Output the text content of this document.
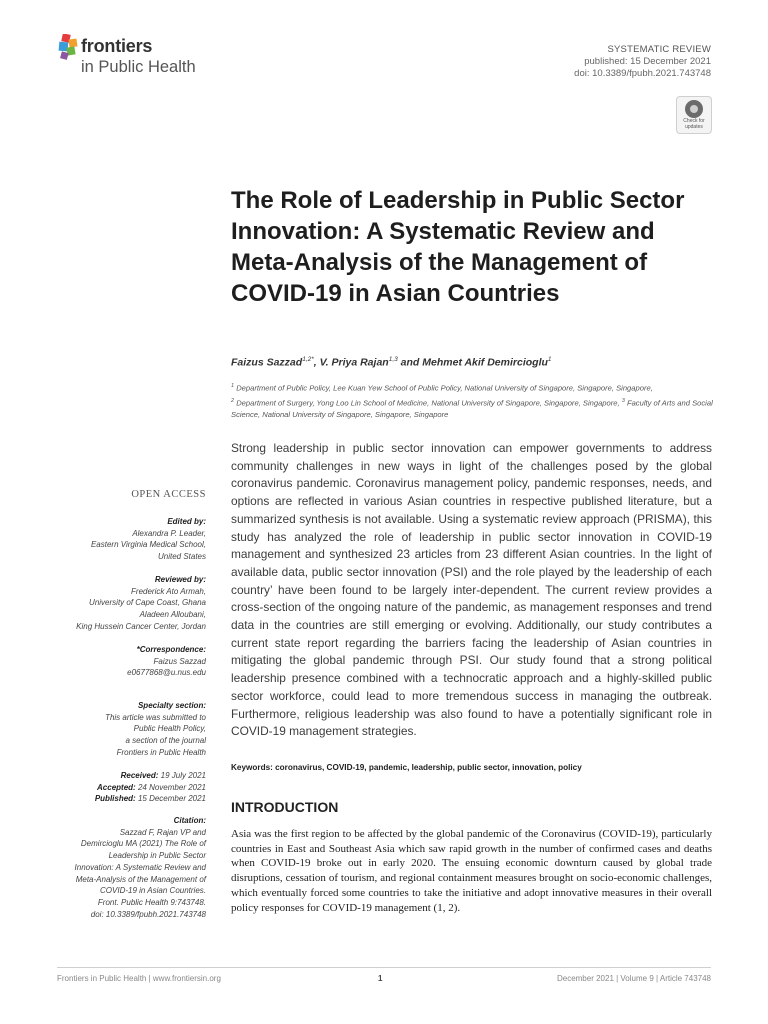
frontiers
in Public Health
SYSTEMATIC REVIEW
published: 15 December 2021
doi: 10.3389/fpubh.2021.743748
Check for
updates
The Role of Leadership in Public Sector Innovation: A Systematic Review and Meta-Analysis of the Management of COVID-19 in Asian Countries
Faizus Sazzad$^{1,2*}$, V. Priya Rajan$^{1,3}$ and Mehmet Akif Demircioglu$^1$
$^1$ Department of Public Policy, Lee Kuan Yew School of Public Policy, National University of Singapore, Singapore, Singapore,
$^2$ Department of Surgery, Yong Loo Lin School of Medicine, National University of Singapore, Singapore, Singapore, $^3$ Faculty of Arts and Social Science, National University of Singapore, Singapore, Singapore

Strong leadership in public sector innovation can empower governments to address community challenges in new ways in light of the challenges posed by the global coronavirus pandemic. Coronavirus management policy, pandemic responses, needs, and options are reflected in various Asian countries in respective published literature, but a summarized synthesis is not available. Using a systematic review approach (PRISMA), this study has analyzed the role of leadership in public sector innovation in COVID-19 management and synthesized 23 articles from 23 different Asian countries. In the light of available data, public sector innovation (PSI) and the role played by the leadership of each country’ have been found to be largely inter-dependent. The current review provides a cross-section of the ongoing nature of the pandemic, as management responses and trend data in the countries are still emerging or evolving. Additionally, our study contributes a current state report regarding the barriers facing the leadership of Asian countries in mitigating the global pandemic through PSI. Our study found that a strong political leadership presence combined with a technocratic approach and a highly-skilled public sector workforce, could lead to more tremendous success in managing the outbreak. Furthermore, religious leadership was also found to have a potentially significant role in COVID-19 management strategies.

Keywords: coronavirus, COVID-19, pandemic, leadership, public sector, innovation, policy
INTRODUCTION

Asia was the first region to be affected by the global pandemic of the Coronavirus (COVID-19), particularly countries in East and Southeast Asia which saw rapid growth in the number of confirmed cases and deaths when COVID-19 broke out in early 2020. The ensuing economic downturn caused by global trade disruptions, cessation of tourism, and regional containment measures brought on socio-economic challenges, which eventually forced some countries to take the initiative and adopt innovative measures in their overall policy responses for COVID-19 management (1, 2).

OPEN ACCESS
Edited by:
Alexandra P. Leader,
Eastern Virginia Medical School,
United States
Reviewed by:
Frederick Ato Armah,
University of Cape Coast, Ghana
Aladeen Alloubani,
King Hussein Cancer Center, Jordan
*Correspondence:
Faizus Sazzad
e0677868@u.nus.edu
Specialty section:
This article was submitted to
Public Health Policy,
a section of the journal
Frontiers in Public Health
Received: 19 July 2021
Accepted: 24 November 2021
Published: 15 December 2021
Citation:
Sazzad F, Rajan VP and
Demircioglu MA (2021) The Role of
Leadership in Public Sector
Innovation: A Systematic Review and
Meta-Analysis of the Management of
COVID-19 in Asian Countries.
Front. Public Health 9:743748.
doi: 10.3389/fpubh.2021.743748
Frontiers in Public Health | www.frontiersin.org	1	December 2021 | Volume 9 | Article 743748
